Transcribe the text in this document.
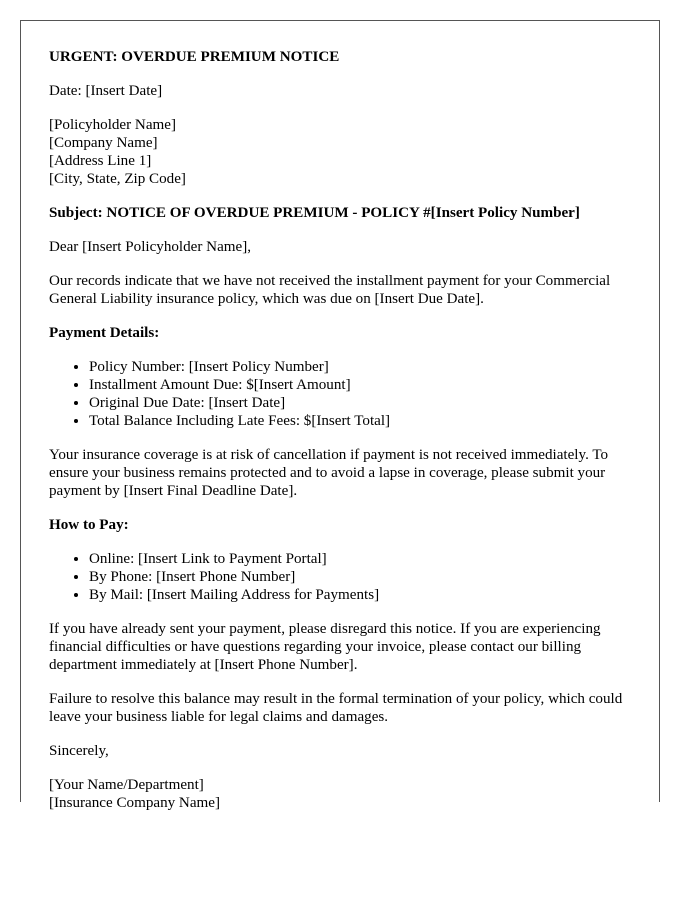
URGENT: OVERDUE PREMIUM NOTICE

Date: [Insert Date]

[Policyholder Name]
[Company Name]
[Address Line 1]
[City, State, Zip Code]

Subject: NOTICE OF OVERDUE PREMIUM - POLICY #[Insert Policy Number]

Dear [Insert Policyholder Name],

Our records indicate that we have not received the installment payment for your Commercial General Liability insurance policy, which was due on [Insert Due Date].

Payment Details:

• Policy Number: [Insert Policy Number]
• Installment Amount Due: $[Insert Amount]
• Original Due Date: [Insert Date]
• Total Balance Including Late Fees: $[Insert Total]

Your insurance coverage is at risk of cancellation if payment is not received immediately. To ensure your business remains protected and to avoid a lapse in coverage, please submit your payment by [Insert Final Deadline Date].

How to Pay:

• Online: [Insert Link to Payment Portal]
• By Phone: [Insert Phone Number]
• By Mail: [Insert Mailing Address for Payments]

If you have already sent your payment, please disregard this notice. If you are experiencing financial difficulties or have questions regarding your invoice, please contact our billing department immediately at [Insert Phone Number].

Failure to resolve this balance may result in the formal termination of your policy, which could leave your business liable for legal claims and damages.

Sincerely,

[Your Name/Department]
[Insurance Company Name]
